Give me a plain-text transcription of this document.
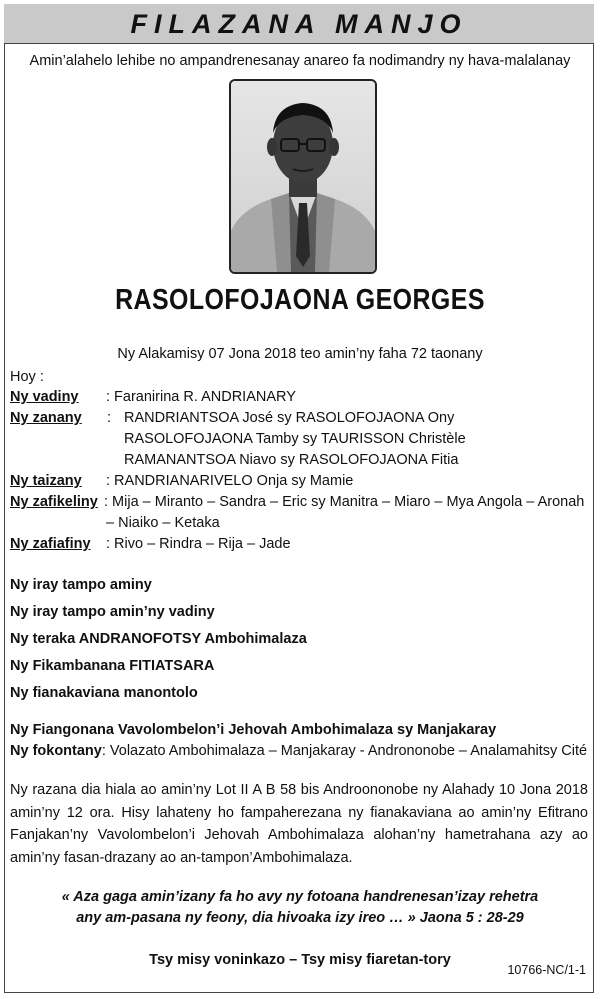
FILAZANA MANJO
Amin’alahelo lehibe no ampandrenesanay anareo fa nodimandry ny hava-malalanay
RASOLOFOJAONA GEORGES
Ny Alakamisy 07 Jona 2018 teo amin’ny faha 72 taonany
Hoy :
Ny vadiny : Faranirina R. ANDRIANARY
Ny zanany : RANDRIANTSOA José sy RASOLOFOJAONA Ony
RASOLOFOJAONA Tamby sy TAURISSON Christèle
RAMANANTSOA Niavo sy RASOLOFOJAONA Fitia
Ny taizany : RANDRIANARIVELO Onja sy Mamie
Ny zafikeliny : Mija – Miranto – Sandra – Eric sy Manitra – Miaro – Mya Angola – Aronah
– Niaiko – Ketaka
Ny zafiafiny : Rivo – Rindra – Rija – Jade
Ny iray tampo aminy
Ny iray tampo amin’ny vadiny
Ny teraka ANDRANOFOTSY Ambohimalaza
Ny Fikambanana FITIATSARA
Ny fianakaviana manontolo
Ny Fiangonana Vavolombelon’i Jehovah Ambohimalaza sy Manjakaray
Ny fokontany: Volazato Ambohimalaza – Manjakaray - Andrononobe – Analamahitsy Cité
Ny razana dia hiala ao amin’ny Lot II A B 58 bis Androononobe ny Alahady 10 Jona 2018 amin’ny 12 ora. Hisy lahateny ho fampaherezana ny fianakaviana ao amin’ny Efitrano Fanjakan’ny Vavolombelon’i Jehovah Ambohimalaza alohan’ny hametrahana azy ao amin’ny fasan-drazany ao an-tampon’Ambohimalaza.
« Aza gaga amin’izany fa ho avy ny fotoana handrenesan’izay rehetra
any am-pasana ny feony, dia hivoaka izy ireo … » Jaona 5 : 28-29
Tsy misy voninkazo – Tsy misy fiaretan-tory
10766-NC/1-1
